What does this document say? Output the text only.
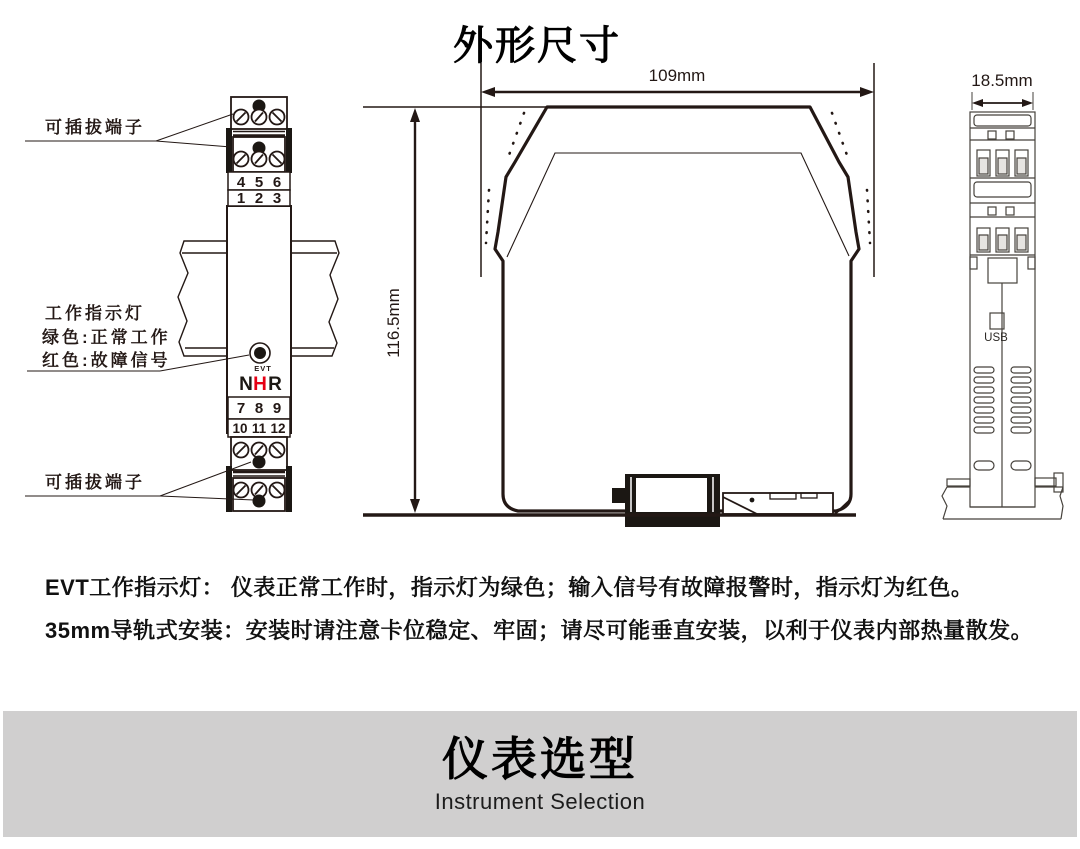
外形尺寸
4 5 6
1 2 3
EVT
N H R
7 8 9
10 11 12
可插拔端子
工作指示灯
绿色:正常工作
红色:故障信号
可插拔端子
109mm
116.5mm
18.5mm
USB
EVT工作指示灯： 仪表正常工作时，指示灯为绿色；输入信号有故障报警时，指示灯为红色。
35mm导轨式安装：安装时请注意卡位稳定、牢固；请尽可能垂直安装，以利于仪表内部热量散发。
仪表选型
Instrument Selection
